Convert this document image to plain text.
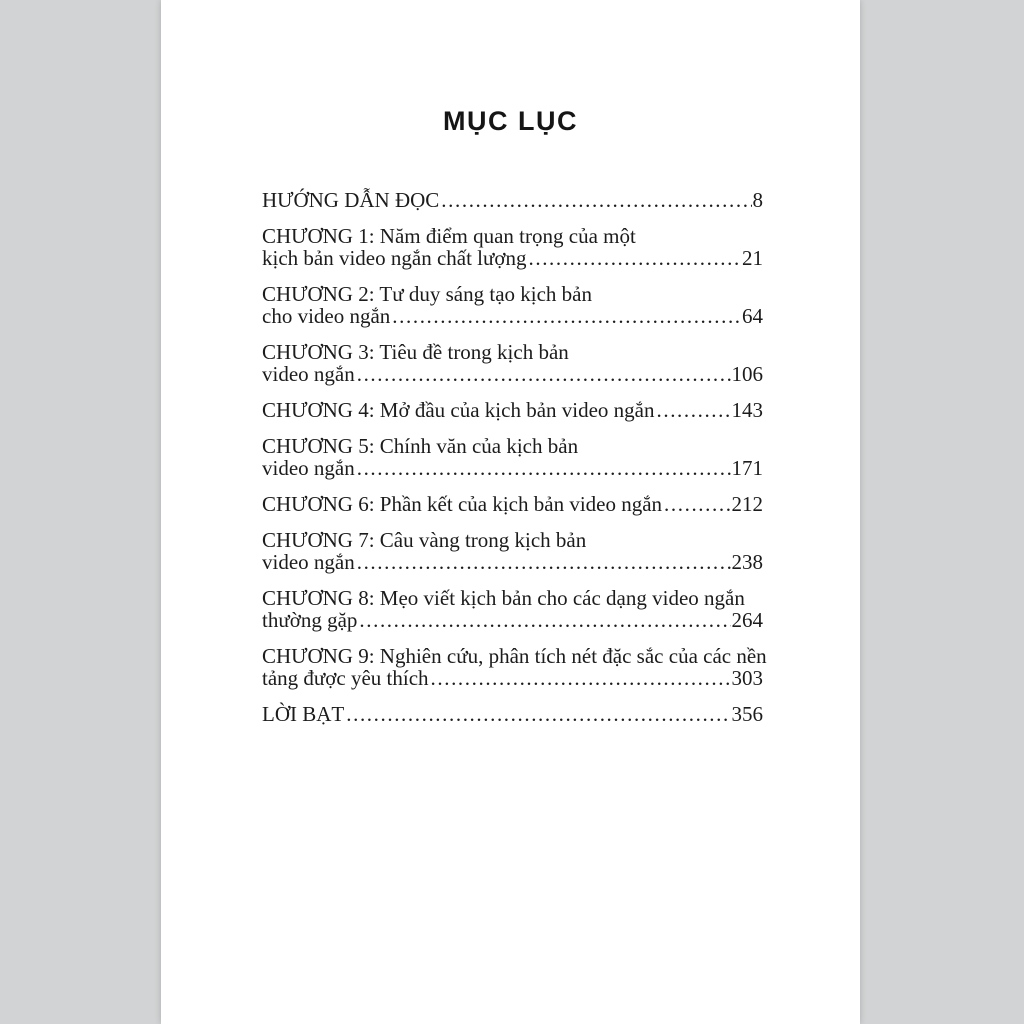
MỤC LỤC
HƯỚNG DẪN ĐỌC .....	8
CHƯƠNG 1: Năm điểm quan trọng của một
kịch bản video ngắn chất lượng .....	21
CHƯƠNG 2: Tư duy sáng tạo kịch bản
cho video ngắn .....	64
CHƯƠNG 3: Tiêu đề trong kịch bản
video ngắn .....	106
CHƯƠNG 4: Mở đầu của kịch bản video ngắn .....	143
CHƯƠNG 5: Chính văn của kịch bản
video ngắn .....	171
CHƯƠNG 6: Phần kết của kịch bản video ngắn .....	212
CHƯƠNG 7: Câu vàng trong kịch bản
video ngắn .....	238
CHƯƠNG 8: Mẹo viết kịch bản cho các dạng video ngắn
thường gặp .....	264
CHƯƠNG 9: Nghiên cứu, phân tích nét đặc sắc của các nền
tảng được yêu thích .....	303
LỜI BẠT .....	356
